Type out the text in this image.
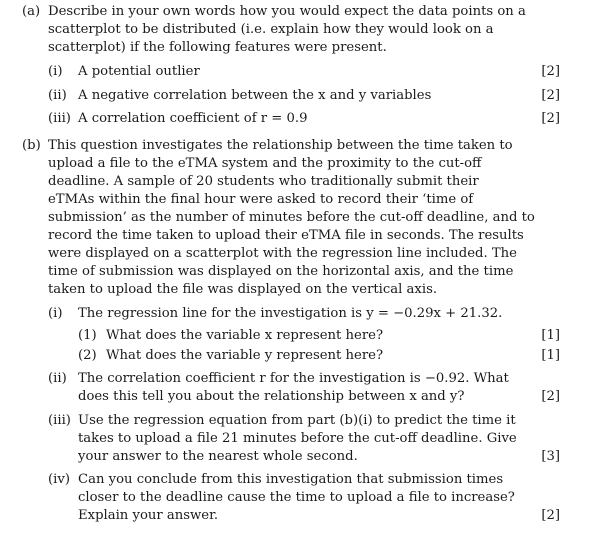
(a) Describe in your own words how you would expect the data points on a
scatterplot to be distributed (i.e. explain how they would look on a
scatterplot) if the following features were present.
(i) A potential outlier	[2]
(ii) A negative correlation between the x and y variables	[2]
(iii) A correlation coefficient of r = 0.9	[2]
(b) This question investigates the relationship between the time taken to
upload a file to the eTMA system and the proximity to the cut-off
deadline. A sample of 20 students who traditionally submit their
eTMAs within the final hour were asked to record their ‘time of
submission’ as the number of minutes before the cut-off deadline, and to
record the time taken to upload their eTMA file in seconds. The results
were displayed on a scatterplot with the regression line included. The
time of submission was displayed on the horizontal axis, and the time
taken to upload the file was displayed on the vertical axis.
(i) The regression line for the investigation is y = −0.29x + 21.32.
(1) What does the variable x represent here?	[1]
(2) What does the variable y represent here?	[1]
(ii) The correlation coefficient r for the investigation is −0.92. What
does this tell you about the relationship between x and y?	[2]
(iii) Use the regression equation from part (b)(i) to predict the time it
takes to upload a file 21 minutes before the cut-off deadline. Give
your answer to the nearest whole second.	[3]
(iv) Can you conclude from this investigation that submission times
closer to the deadline cause the time to upload a file to increase?
Explain your answer.	[2]
